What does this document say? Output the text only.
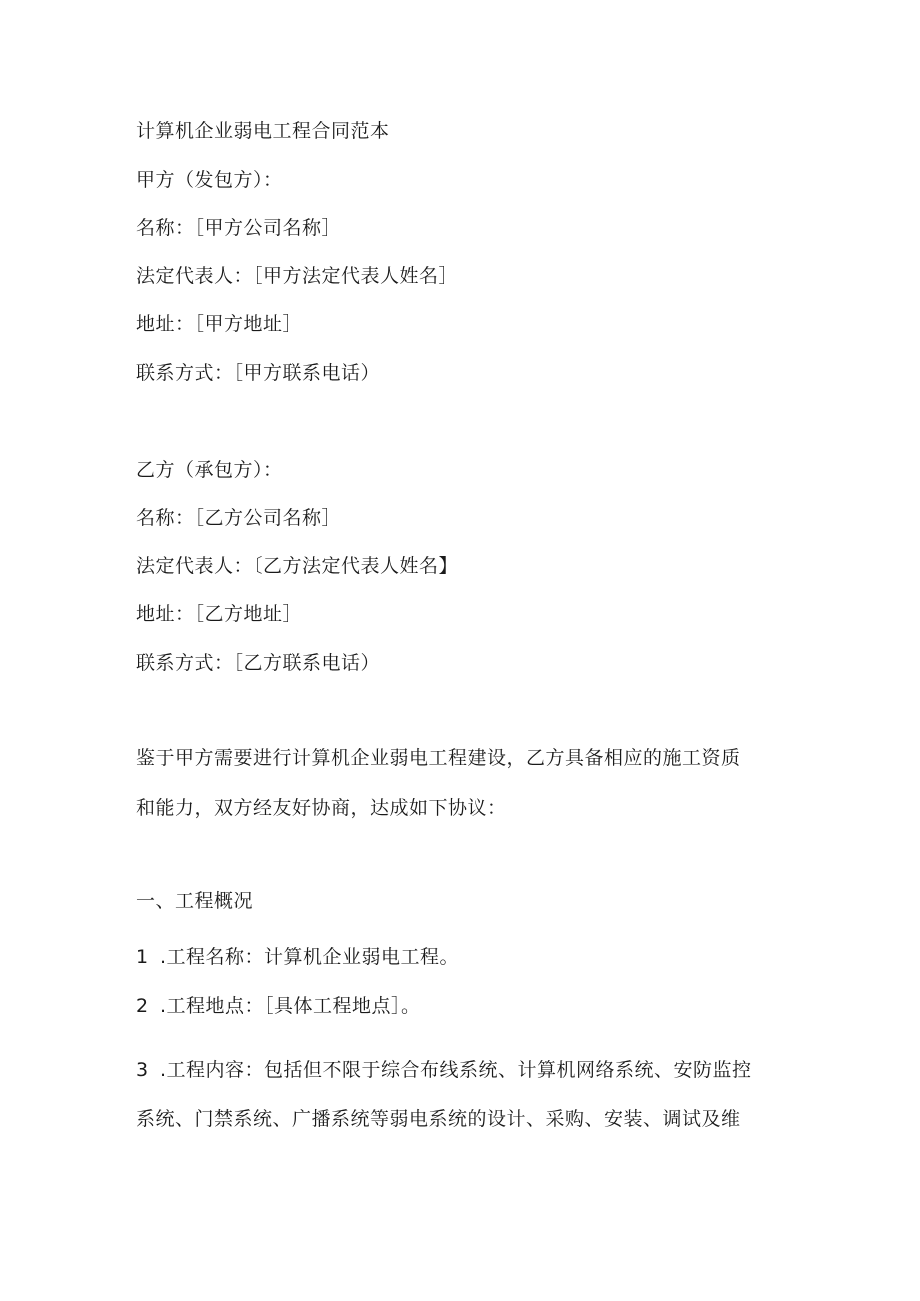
计算机企业弱电工程合同范本
甲方（发包方）：
名称：［甲方公司名称］
法定代表人：［甲方法定代表人姓名］
地址：［甲方地址］
联系方式：［甲方联系电话）
乙方（承包方）：
名称：［乙方公司名称］
法定代表人：〔乙方法定代表人姓名】
地址：［乙方地址］
联系方式：［乙方联系电话）
鉴于甲方需要进行计算机企业弱电工程建设，乙方具备相应的施工资质
和能力，双方经友好协商，达成如下协议：
一、工程概况
1 .工程名称：计算机企业弱电工程。
2 .工程地点：［具体工程地点］。
3 .工程内容：包括但不限于综合布线系统、计算机网络系统、安防监控
系统、门禁系统、广播系统等弱电系统的设计、采购、安装、调试及维
